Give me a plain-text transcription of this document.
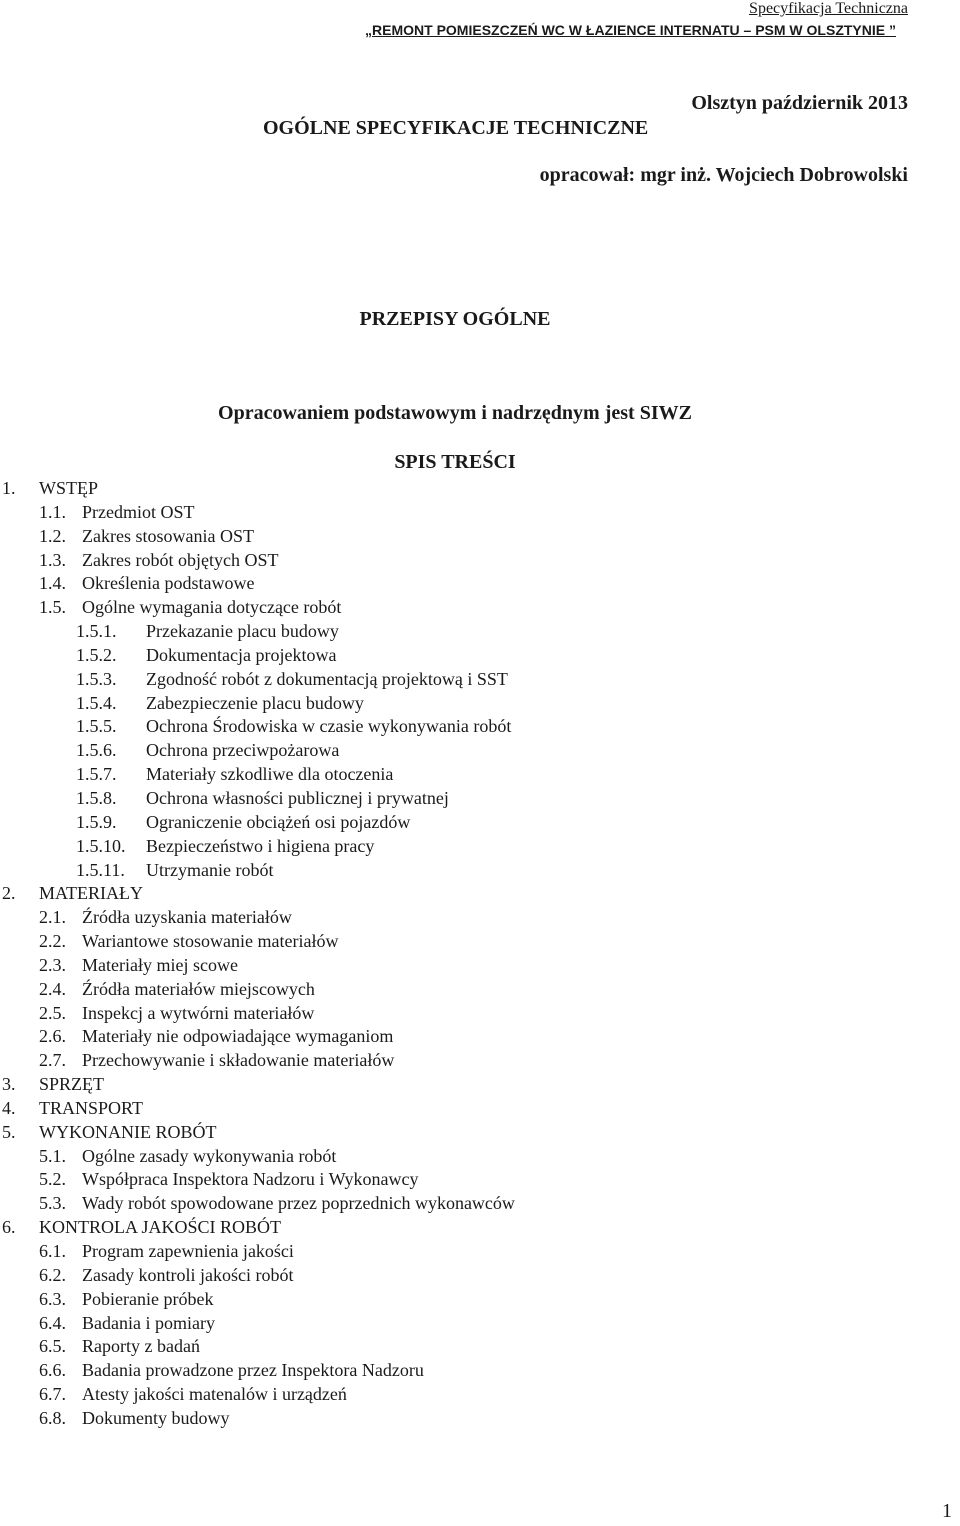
Specyfikacja Techniczna
„REMONT POMIESZCZEŃ WC W ŁAZIENCE INTERNATU – PSM W OLSZTYNIE ”
Olsztyn październik 2013
OGÓLNE SPECYFIKACJE TECHNICZNE
opracował: mgr inż. Wojciech Dobrowolski
PRZEPISY OGÓLNE
Opracowaniem podstawowym i nadrzędnym jest SIWZ
SPIS TREŚCI
1. WSTĘP
1.1. Przedmiot OST
1.2. Zakres stosowania OST
1.3. Zakres robót objętych OST
1.4. Określenia podstawowe
1.5. Ogólne wymagania dotyczące robót
1.5.1. Przekazanie placu budowy
1.5.2. Dokumentacja projektowa
1.5.3. Zgodność robót z dokumentacją projektową i SST
1.5.4. Zabezpieczenie placu budowy
1.5.5. Ochrona Środowiska w czasie wykonywania robót
1.5.6. Ochrona przeciwpożarowa
1.5.7. Materiały szkodliwe dla otoczenia
1.5.8. Ochrona własności publicznej i prywatnej
1.5.9. Ograniczenie obciążeń osi pojazdów
1.5.10. Bezpieczeństwo i higiena pracy
1.5.11. Utrzymanie robót
2. MATERIAŁY
2.1. Źródła uzyskania materiałów
2.2. Wariantowe stosowanie materiałów
2.3. Materiały miej scowe
2.4. Źródła materiałów miejscowych
2.5. Inspekcj a wytwórni materiałów
2.6. Materiały nie odpowiadające wymaganiom
2.7. Przechowywanie i składowanie materiałów
3. SPRZĘT
4. TRANSPORT
5. WYKONANIE ROBÓT
5.1. Ogólne zasady wykonywania robót
5.2. Współpraca Inspektora Nadzoru i Wykonawcy
5.3. Wady robót spowodowane przez poprzednich wykonawców
6. KONTROLA JAKOŚCI ROBÓT
6.1. Program zapewnienia jakości
6.2. Zasady kontroli jakości robót
6.3. Pobieranie próbek
6.4. Badania i pomiary
6.5. Raporty z badań
6.6. Badania prowadzone przez Inspektora Nadzoru
6.7. Atesty jakości matenalów i urządzeń
6.8. Dokumenty budowy
1
